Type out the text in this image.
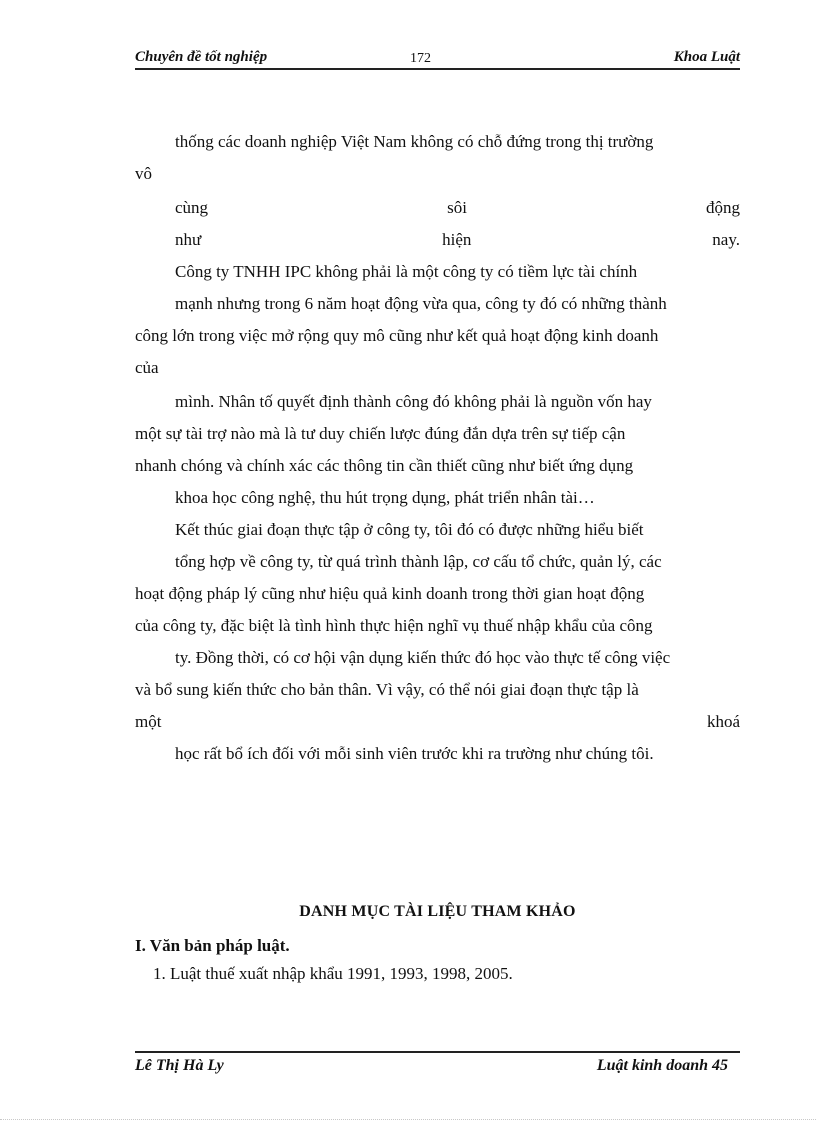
Chuyên đề tốt nghiệp	172	Khoa Luật
thống các doanh nghiệp Việt Nam không có chỗ đứng trong thị trường
vô
cùng	sôi	động
như	hiện	nay.
Công ty TNHH IPC không phải là một công ty có tiềm lực tài chính
mạnh nhưng trong 6 năm hoạt động vừa qua, công ty đó có những thành
công lớn trong việc mở rộng quy mô cũng như kết quả hoạt động kinh doanh
của
mình. Nhân tố quyết định thành công đó không phải là nguồn vốn hay
một sự tài trợ nào mà là tư duy chiến lược đúng đắn dựa trên sự tiếp cận
nhanh chóng và chính xác các thông tin cần thiết cũng như biết ứng dụng
khoa học công nghệ, thu hút trọng dụng, phát triển nhân tài…
Kết thúc giai đoạn thực tập ở công ty, tôi đó có được những hiểu biết
tổng hợp về công ty, từ quá trình thành lập, cơ cấu tổ chức, quản lý, các
hoạt động pháp lý cũng như hiệu quả kinh doanh trong thời gian hoạt động
của công ty, đặc biệt là tình hình thực hiện nghĩ vụ thuế nhập khẩu của công
ty. Đồng thời, có cơ hội vận dụng kiến thức đó học vào thực tế công việc
và bổ sung kiến thức cho bản thân. Vì vậy, có thể nói giai đoạn thực tập là
một	khoá
học rất bổ ích đối với mỗi sinh viên trước khi ra trường như chúng tôi.
DANH MỤC TÀI LIỆU THAM KHẢO
I. Văn bản pháp luật.
1. Luật thuế xuất nhập khẩu 1991, 1993, 1998, 2005.
Lê Thị Hà Ly	Luật kinh doanh 45
